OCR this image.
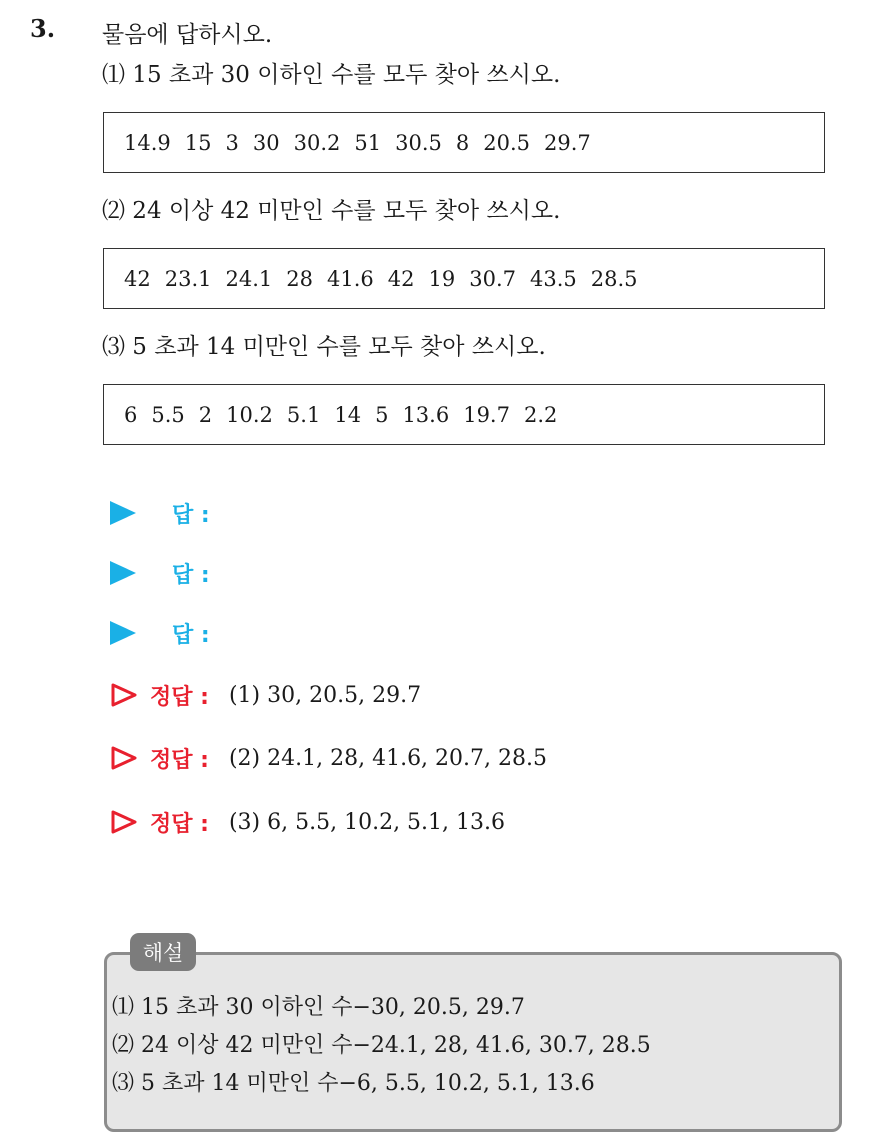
3. 물음에 답하시오.
⑴ 15 초과 30 이하인 수를 모두 찾아 쓰시오.
14.9 15 3 30 30.2 51 30.5 8 20.5 29.7
⑵ 24 이상 42 미만인 수를 모두 찾아 쓰시오.
42 23.1 24.1 28 41.6 42 19 30.7 43.5 28.5
⑶ 5 초과 14 미만인 수를 모두 찾아 쓰시오.
6 5.5 2 10.2 5.1 14 5 13.6 19.7 2.2
답 :
답 :
답 :
정답 : (1) 30, 20.5, 29.7
정답 : (2) 24.1, 28, 41.6, 20.7, 28.5
정답 : (3) 6, 5.5, 10.2, 5.1, 13.6
해설
⑴ 15 초과 30 이하인 수−30, 20.5, 29.7
⑵ 24 이상 42 미만인 수−24.1, 28, 41.6, 30.7, 28.5
⑶ 5 초과 14 미만인 수−6, 5.5, 10.2, 5.1, 13.6
